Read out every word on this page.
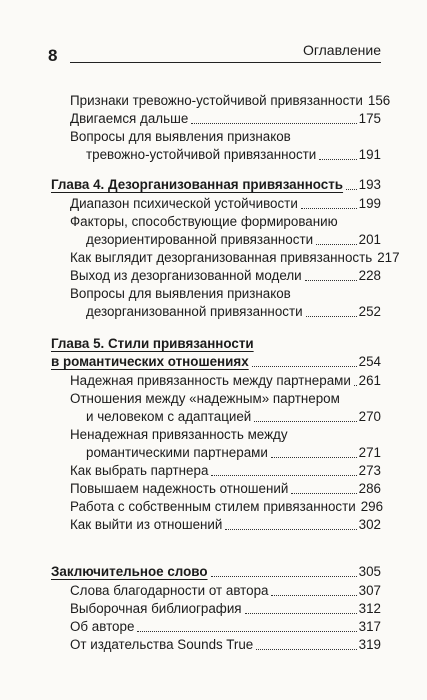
8	Оглавление
Признаки тревожно-устойчивой привязанности 156
Двигаемся дальше	175
Вопросы для выявления признаков
тревожно-устойчивой привязанности	191
Глава 4. Дезорганизованная привязанность 193
Диапазон психической устойчивости	199
Факторы, способствующие формированию
дезориентированной привязанности	201
Как выглядит дезорганизованная привязанность 217
Выход из дезорганизованной модели	228
Вопросы для выявления признаков
дезорганизованной привязанности	252
Глава 5. Стили привязанности
в романтических отношениях	254
Надежная привязанность между партнерами 261
Отношения между «надежным» партнером
и человеком с адаптацией	270
Ненадежная привязанность между
романтическими партнерами	271
Как выбрать партнера	273
Повышаем надежность отношений	286
Работа с собственным стилем привязанности 296
Как выйти из отношений	302
Заключительное слово	305
Слова благодарности от автора	307
Выборочная библиография	312
Об авторе	317
От издательства Sounds True	319
